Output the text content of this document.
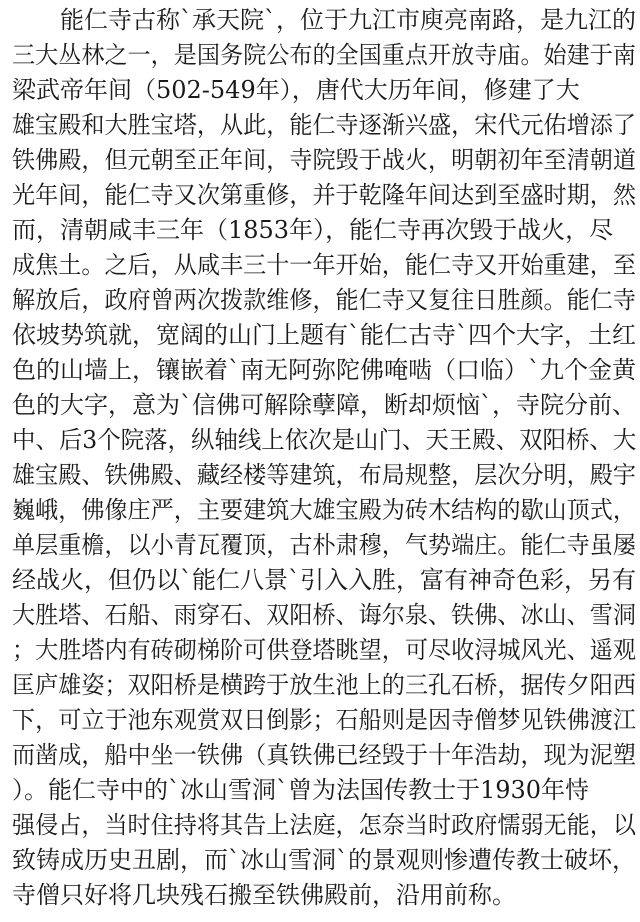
　　能仁寺古称`承天院`，位于九江市庾亮南路，是九江的
三大丛林之一，是国务院公布的全国重点开放寺庙。始建于南
梁武帝年间（502-549年），唐代大历年间，修建了大
雄宝殿和大胜宝塔，从此，能仁寺逐渐兴盛，宋代元佑增添了
铁佛殿，但元朝至正年间，寺院毁于战火，明朝初年至清朝道
光年间，能仁寺又次第重修，并于乾隆年间达到至盛时期，然
而，清朝咸丰三年（1853年），能仁寺再次毁于战火，尽
成焦土。之后，从咸丰三十一年开始，能仁寺又开始重建，至
解放后，政府曾两次拨款维修，能仁寺又复往日胜颜。能仁寺
依坡势筑就，宽阔的山门上题有`能仁古寺`四个大字，土红
色的山墙上，镶嵌着`南无阿弥陀佛唵啮（口临）`九个金黄
色的大字，意为`信佛可解除孽障，断却烦恼`，寺院分前、
中、后3个院落，纵轴线上依次是山门、天王殿、双阳桥、大
雄宝殿、铁佛殿、藏经楼等建筑，布局规整，层次分明，殿宇
巍峨，佛像庄严，主要建筑大雄宝殿为砖木结构的歇山顶式，
单层重檐，以小青瓦覆顶，古朴肃穆，气势端庄。能仁寺虽屡
经战火，但仍以`能仁八景`引入入胜，富有神奇色彩，另有
大胜塔、石船、雨穿石、双阳桥、诲尔泉、铁佛、冰山、雪洞
；大胜塔内有砖砌梯阶可供登塔眺望，可尽收浔城风光、遥观
匡庐雄姿；双阳桥是横跨于放生池上的三孔石桥，据传夕阳西
下，可立于池东观赏双日倒影；石船则是因寺僧梦见铁佛渡江
而凿成，船中坐一铁佛（真铁佛已经毁于十年浩劫，现为泥塑
）。能仁寺中的`冰山雪洞`曾为法国传教士于1930年恃
强侵占，当时住持将其告上法庭，怎奈当时政府懦弱无能，以
致铸成历史丑剧，而`冰山雪洞`的景观则惨遭传教士破坏，
寺僧只好将几块残石搬至铁佛殿前，沿用前称。
